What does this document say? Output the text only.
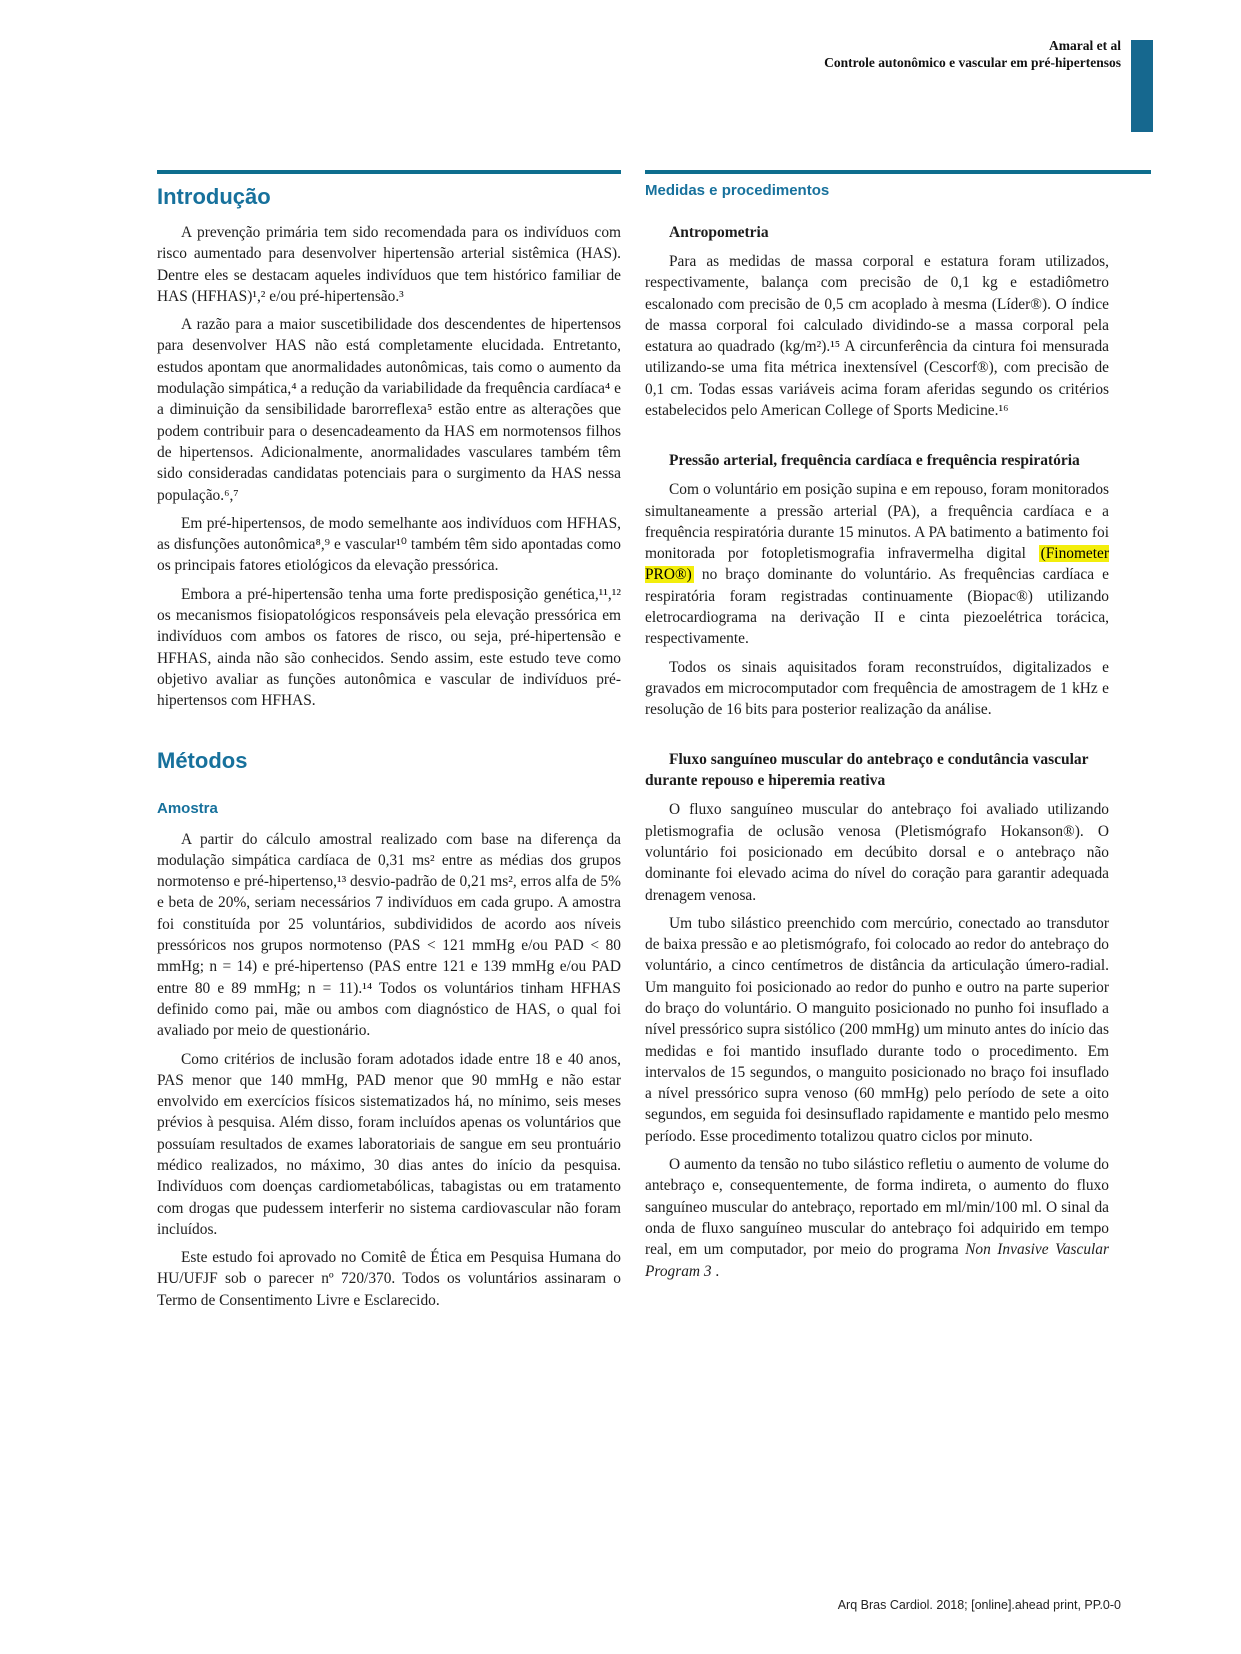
Amaral et al
Controle autonômico e vascular em pré-hipertensos
Introdução

A prevenção primária tem sido recomendada para os indivíduos com risco aumentado para desenvolver hipertensão arterial sistêmica (HAS). Dentre eles se destacam aqueles indivíduos que tem histórico familiar de HAS (HFHAS)¹,² e/ou pré-hipertensão.³

A razão para a maior suscetibilidade dos descendentes de hipertensos para desenvolver HAS não está completamente elucidada. Entretanto, estudos apontam que anormalidades autonômicas, tais como o aumento da modulação simpática,⁴ a redução da variabilidade da frequência cardíaca⁴ e a diminuição da sensibilidade barorreflexa⁵ estão entre as alterações que podem contribuir para o desencadeamento da HAS em normotensos filhos de hipertensos. Adicionalmente, anormalidades vasculares também têm sido consideradas candidatas potenciais para o surgimento da HAS nessa população.⁶,⁷

Em pré-hipertensos, de modo semelhante aos indivíduos com HFHAS, as disfunções autonômica⁸,⁹ e vascular¹⁰ também têm sido apontadas como os principais fatores etiológicos da elevação pressórica.

Embora a pré-hipertensão tenha uma forte predisposição genética,¹¹,¹² os mecanismos fisiopatológicos responsáveis pela elevação pressórica em indivíduos com ambos os fatores de risco, ou seja, pré-hipertensão e HFHAS, ainda não são conhecidos. Sendo assim, este estudo teve como objetivo avaliar as funções autonômica e vascular de indivíduos pré-hipertensos com HFHAS.

Métodos
Amostra

A partir do cálculo amostral realizado com base na diferença da modulação simpática cardíaca de 0,31 ms² entre as médias dos grupos normotenso e pré-hipertenso,¹³ desvio-padrão de 0,21 ms², erros alfa de 5% e beta de 20%, seriam necessários 7 indivíduos em cada grupo. A amostra foi constituída por 25 voluntários, subdivididos de acordo aos níveis pressóricos nos grupos normotenso (PAS < 121 mmHg e/ou PAD < 80 mmHg; n = 14) e pré-hipertenso (PAS entre 121 e 139 mmHg e/ou PAD entre 80 e 89 mmHg; n = 11).¹⁴ Todos os voluntários tinham HFHAS definido como pai, mãe ou ambos com diagnóstico de HAS, o qual foi avaliado por meio de questionário.

Como critérios de inclusão foram adotados idade entre 18 e 40 anos, PAS menor que 140 mmHg, PAD menor que 90 mmHg e não estar envolvido em exercícios físicos sistematizados há, no mínimo, seis meses prévios à pesquisa. Além disso, foram incluídos apenas os voluntários que possuíam resultados de exames laboratoriais de sangue em seu prontuário médico realizados, no máximo, 30 dias antes do início da pesquisa. Indivíduos com doenças cardiometabólicas, tabagistas ou em tratamento com drogas que pudessem interferir no sistema cardiovascular não foram incluídos.

Este estudo foi aprovado no Comitê de Ética em Pesquisa Humana do HU/UFJF sob o parecer nº 720/370. Todos os voluntários assinaram o Termo de Consentimento Livre e Esclarecido.

Medidas e procedimentos
Antropometria

Para as medidas de massa corporal e estatura foram utilizados, respectivamente, balança com precisão de 0,1 kg e estadiômetro escalonado com precisão de 0,5 cm acoplado à mesma (Líder®). O índice de massa corporal foi calculado dividindo-se a massa corporal pela estatura ao quadrado (kg/m²).¹⁵ A circunferência da cintura foi mensurada utilizando-se uma fita métrica inextensível (Cescorf®), com precisão de 0,1 cm. Todas essas variáveis acima foram aferidas segundo os critérios estabelecidos pelo American College of Sports Medicine.¹⁶

Pressão arterial, frequência cardíaca e frequência respiratória

Com o voluntário em posição supina e em repouso, foram monitorados simultaneamente a pressão arterial (PA), a frequência cardíaca e a frequência respiratória durante 15 minutos. A PA batimento a batimento foi monitorada por fotopletismografia infravermelha digital (Finometer PRO®) no braço dominante do voluntário. As frequências cardíaca e respiratória foram registradas continuamente (Biopac®) utilizando eletrocardiograma na derivação II e cinta piezoelétrica torácica, respectivamente.

Todos os sinais aquisitados foram reconstruídos, digitalizados e gravados em microcomputador com frequência de amostragem de 1 kHz e resolução de 16 bits para posterior realização da análise.

Fluxo sanguíneo muscular do antebraço e condutância vascular durante repouso e hiperemia reativa

O fluxo sanguíneo muscular do antebraço foi avaliado utilizando pletismografia de oclusão venosa (Pletismógrafo Hokanson®). O voluntário foi posicionado em decúbito dorsal e o antebraço não dominante foi elevado acima do nível do coração para garantir adequada drenagem venosa.

Um tubo silástico preenchido com mercúrio, conectado ao transdutor de baixa pressão e ao pletismógrafo, foi colocado ao redor do antebraço do voluntário, a cinco centímetros de distância da articulação úmero-radial. Um manguito foi posicionado ao redor do punho e outro na parte superior do braço do voluntário. O manguito posicionado no punho foi insuflado a nível pressórico supra sistólico (200 mmHg) um minuto antes do início das medidas e foi mantido insuflado durante todo o procedimento. Em intervalos de 15 segundos, o manguito posicionado no braço foi insuflado a nível pressórico supra venoso (60 mmHg) pelo período de sete a oito segundos, em seguida foi desinsuflado rapidamente e mantido pelo mesmo período. Esse procedimento totalizou quatro ciclos por minuto.

O aumento da tensão no tubo silástico refletiu o aumento de volume do antebraço e, consequentemente, de forma indireta, o aumento do fluxo sanguíneo muscular do antebraço, reportado em ml/min/100 ml. O sinal da onda de fluxo sanguíneo muscular do antebraço foi adquirido em tempo real, em um computador, por meio do programa Non Invasive Vascular Program 3 .

Arq Bras Cardiol. 2018; [online].ahead print, PP.0-0
